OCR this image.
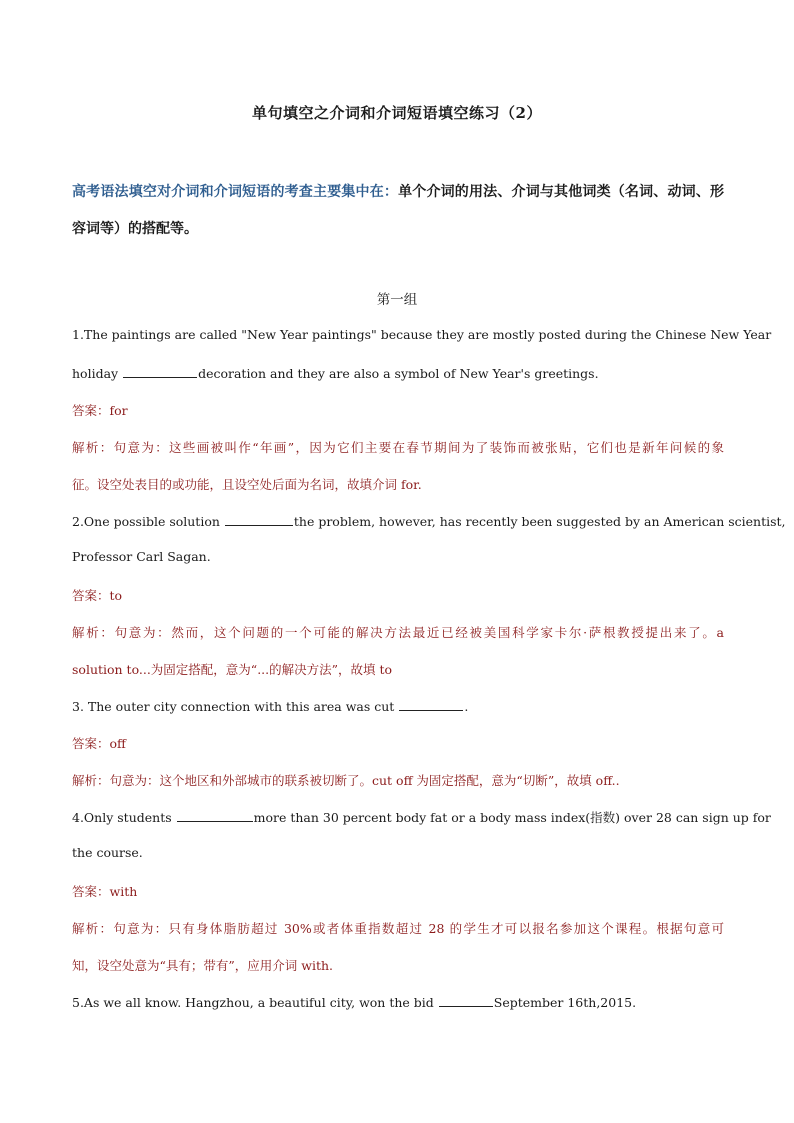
单句填空之介词和介词短语填空练习（2）
高考语法填空对介词和介词短语的考查主要集中在：单个介词的用法、介词与其他词类（名词、动词、形
容词等）的搭配等。
第一组
1.The paintings are called "New Year paintings" because they are mostly posted during the Chinese New Year
holiday	decoration and they are also a symbol of New Year's greetings.
答案：for
解析：句意为：这些画被叫作“年画”，因为它们主要在春节期间为了装饰而被张贴，它们也是新年问候的象
征。设空处表目的或功能，且设空处后面为名词，故填介词 for.
2.One possible solution	the problem, however, has recently been suggested by an American scientist,
Professor Carl Sagan.
答案：to
解析：句意为：然而，这个问题的一个可能的解决方法最近已经被美国科学家卡尔·萨根教授提出来了。a
solution to...为固定搭配，意为“...的解决方法”，故填 to
3. The outer city connection with this area was cut	.
答案：off
解析：句意为：这个地区和外部城市的联系被切断了。cut off 为固定搭配，意为“切断”，故填 off..
4.Only students	more than 30 percent body fat or a body mass index(指数) over 28 can sign up for
the course.
答案：with
解析：句意为：只有身体脂肪超过 30%或者体重指数超过 28 的学生才可以报名参加这个课程。根据句意可
知，设空处意为“具有；带有”，应用介词 with.
5.As we all know. Hangzhou, a beautiful city, won the bid	September 16th,2015.
